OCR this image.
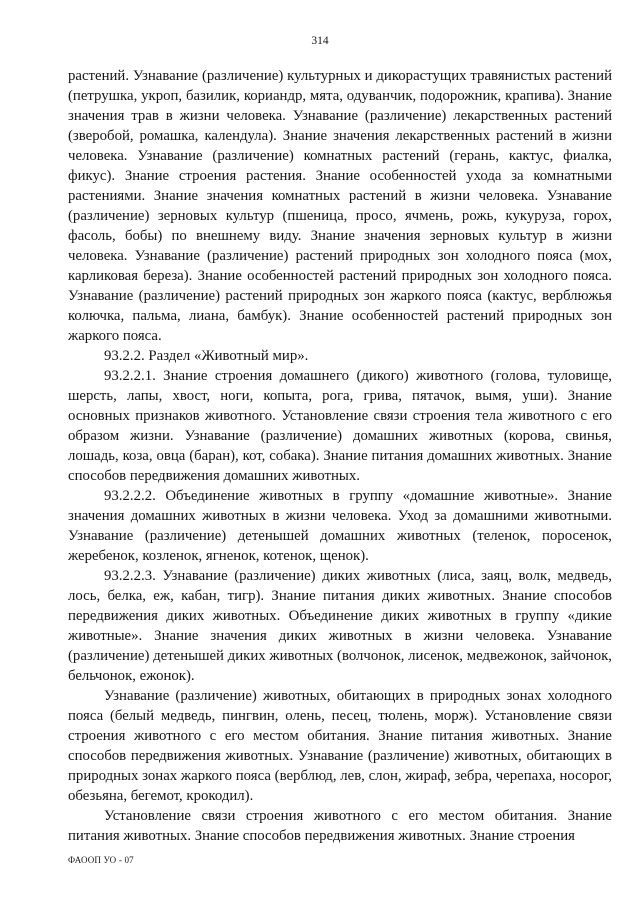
314

растений. Узнавание (различение) культурных и дикорастущих травянистых растений (петрушка, укроп, базилик, кориандр, мята, одуванчик, подорожник, крапива). Знание значения трав в жизни человека. Узнавание (различение) лекарственных растений (зверобой, ромашка, календула). Знание значения лекарственных растений в жизни человека. Узнавание (различение) комнатных растений (герань, кактус, фиалка, фикус). Знание строения растения. Знание особенностей ухода за комнатными растениями. Знание значения комнатных растений в жизни человека. Узнавание (различение) зерновых культур (пшеница, просо, ячмень, рожь, кукуруза, горох, фасоль, бобы) по внешнему виду. Знание значения зерновых культур в жизни человека. Узнавание (различение) растений природных зон холодного пояса (мох, карликовая береза). Знание особенностей растений природных зон холодного пояса. Узнавание (различение) растений природных зон жаркого пояса (кактус, верблюжья колючка, пальма, лиана, бамбук). Знание особенностей растений природных зон жаркого пояса.

93.2.2. Раздел «Животный мир».

93.2.2.1. Знание строения домашнего (дикого) животного (голова, туловище, шерсть, лапы, хвост, ноги, копыта, рога, грива, пятачок, вымя, уши). Знание основных признаков животного. Установление связи строения тела животного с его образом жизни. Узнавание (различение) домашних животных (корова, свинья, лошадь, коза, овца (баран), кот, собака). Знание питания домашних животных. Знание способов передвижения домашних животных.

93.2.2.2. Объединение животных в группу «домашние животные». Знание значения домашних животных в жизни человека. Уход за домашними животными. Узнавание (различение) детенышей домашних животных (теленок, поросенок, жеребенок, козленок, ягненок, котенок, щенок).

93.2.2.3. Узнавание (различение) диких животных (лиса, заяц, волк, медведь, лось, белка, еж, кабан, тигр). Знание питания диких животных. Знание способов передвижения диких животных. Объединение диких животных в группу «дикие животные». Знание значения диких животных в жизни человека. Узнавание (различение) детенышей диких животных (волчонок, лисенок, медвежонок, зайчонок, бельчонок, ежонок).

Узнавание (различение) животных, обитающих в природных зонах холодного пояса (белый медведь, пингвин, олень, песец, тюлень, морж). Установление связи строения животного с его местом обитания. Знание питания животных. Знание способов передвижения животных. Узнавание (различение) животных, обитающих в природных зонах жаркого пояса (верблюд, лев, слон, жираф, зебра, черепаха, носорог, обезьяна, бегемот, крокодил).

Установление связи строения животного с его местом обитания. Знание питания животных. Знание способов передвижения животных. Знание строения

ФАООП УО - 07
